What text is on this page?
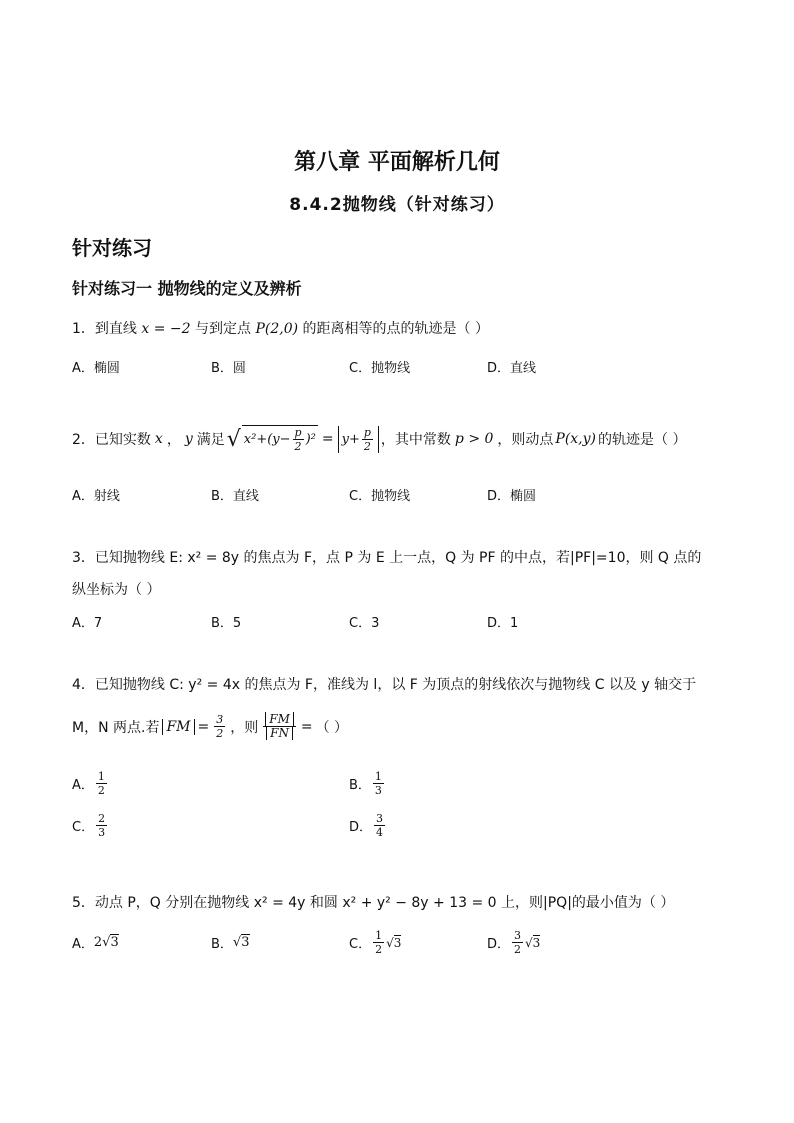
第八章 平面解析几何
8.4.2抛物线（针对练习）
针对练习
针对练习一 抛物线的定义及辨析
1．到直线 x = −2 与到定点 P(2,0) 的距离相等的点的轨迹是（ ）
A．椭圆	B．圆	C．抛物线	D．直线
2．已知实数 x ， y 满足 √ $x^2+(y- \frac{p}{2} )^2 = y+ \frac{p}{2}$ ，其中常数 p > 0 ，则动点 P(x,y) 的轨迹是（ ）
A．射线	B．直线	C．抛物线	D．椭圆
3．已知抛物线 E: x² = 8y 的焦点为 F，点 P 为 E 上一点，Q 为 PF 的中点，若|PF|=10，则 Q 点的
纵坐标为（ ）
A．7	B．5	C．3	D．1
4．已知抛物线 C: y² = 4x 的焦点为 F，准线为 l，以 F 为顶点的射线依次与抛物线 C 以及 y 轴交于
M，N 两点.若 FM = $\frac{3}{2}$ ，则 $\frac{FM}{FN}$ = （ ）
A． $\frac{1}{2}$	B． $\frac{1}{3}$
C． $\frac{2}{3}$	D． $\frac{3}{4}$
5．动点 P，Q 分别在抛物线 x² = 4y 和圆 x² + y² − 8y + 13 = 0 上，则|PQ|的最小值为（ ）
A． 2√3	B． √3	C． $\frac{1}{2} √3$	D． $\frac{3}{2} √3$
